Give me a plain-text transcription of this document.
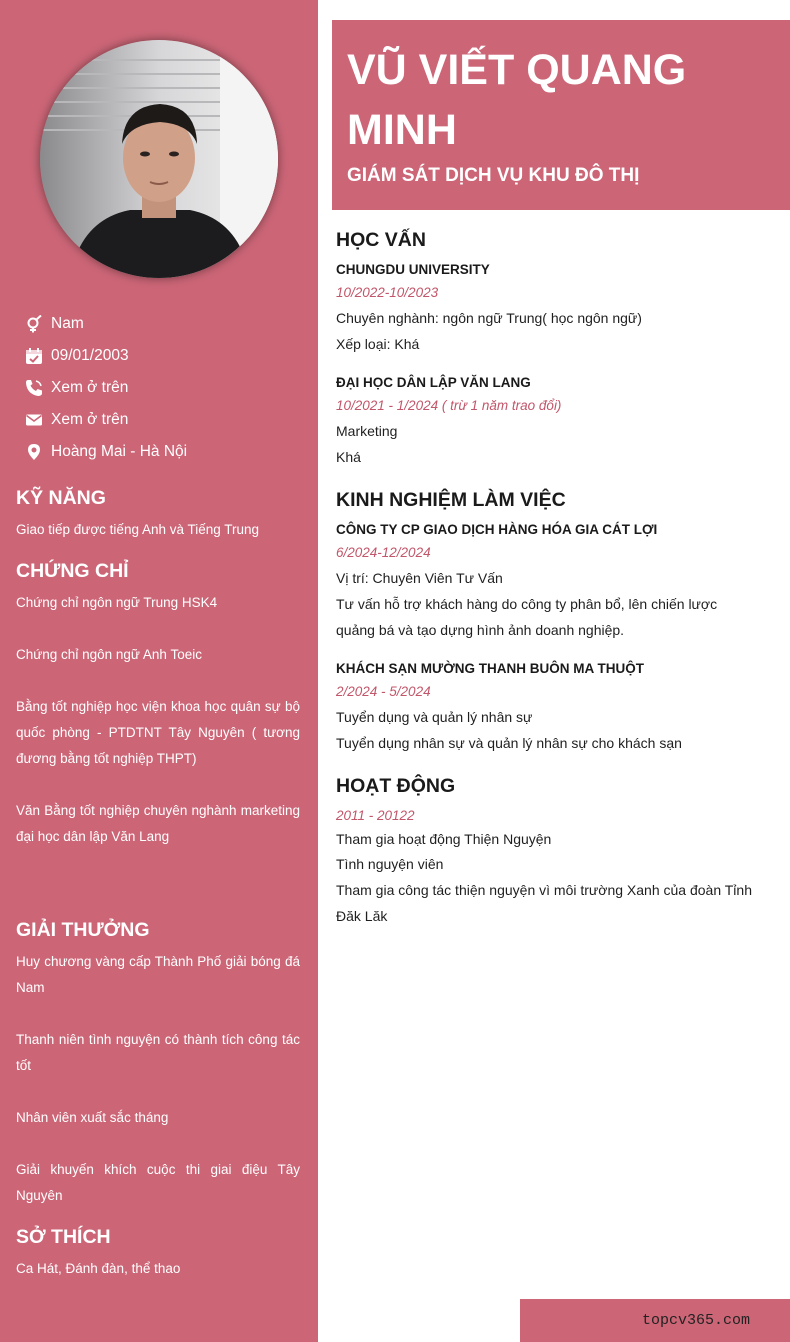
Nam
09/01/2003
Xem ở trên
Xem ở trên
Hoàng Mai - Hà Nội
KỸ NĂNG

Giao tiếp được tiếng Anh và Tiếng Trung

CHỨNG CHỈ

Chứng chỉ ngôn ngữ Trung HSK4

Chứng chỉ ngôn ngữ Anh Toeic

Bằng tốt nghiệp học viện khoa học quân sự bộ quốc phòng - PTDTNT Tây Nguyên ( tương đương bằng tốt nghiệp THPT)

Văn Bằng tốt nghiệp chuyên nghành marketing đại học dân lập Văn Lang

GIẢI THƯỞNG

Huy chương vàng cấp Thành Phố giải bóng đá Nam

Thanh niên tình nguyện có thành tích công tác tốt

Nhân viên xuất sắc tháng

Giải khuyến khích cuộc thi giai điệu Tây Nguyên

SỞ THÍCH

Ca Hát, Đánh đàn, thể thao

VŨ VIẾT QUANG MINH

GIÁM SÁT DỊCH VỤ KHU ĐÔ THỊ

HỌC VẤN

CHUNGDU UNIVERSITY

10/2022-10/2023

Chuyên nghành: ngôn ngữ Trung( học ngôn ngữ)

Xếp loại: Khá

ĐẠI HỌC DÂN LẬP VĂN LANG

10/2021 - 1/2024 ( trừ 1 năm trao đổi)

Marketing

Khá

KINH NGHIỆM LÀM VIỆC

CÔNG TY CP GIAO DỊCH HÀNG HÓA GIA CÁT LỢI

6/2024-12/2024

Vị trí: Chuyên Viên Tư Vấn

Tư vấn hỗ trợ khách hàng do công ty phân bổ, lên chiến lược quảng bá và tạo dựng hình ảnh doanh nghiệp.

KHÁCH SẠN MƯỜNG THANH BUÔN MA THUỘT

2/2024 - 5/2024

Tuyển dụng và quản lý nhân sự

Tuyển dụng nhân sự và quản lý nhân sự cho khách sạn

HOẠT ĐỘNG

2011 - 20122

Tham gia hoạt động Thiện Nguyện

Tình nguyện viên

Tham gia công tác thiện nguyện vì môi trường Xanh của đoàn Tỉnh Đăk Lăk

topcv365.com
